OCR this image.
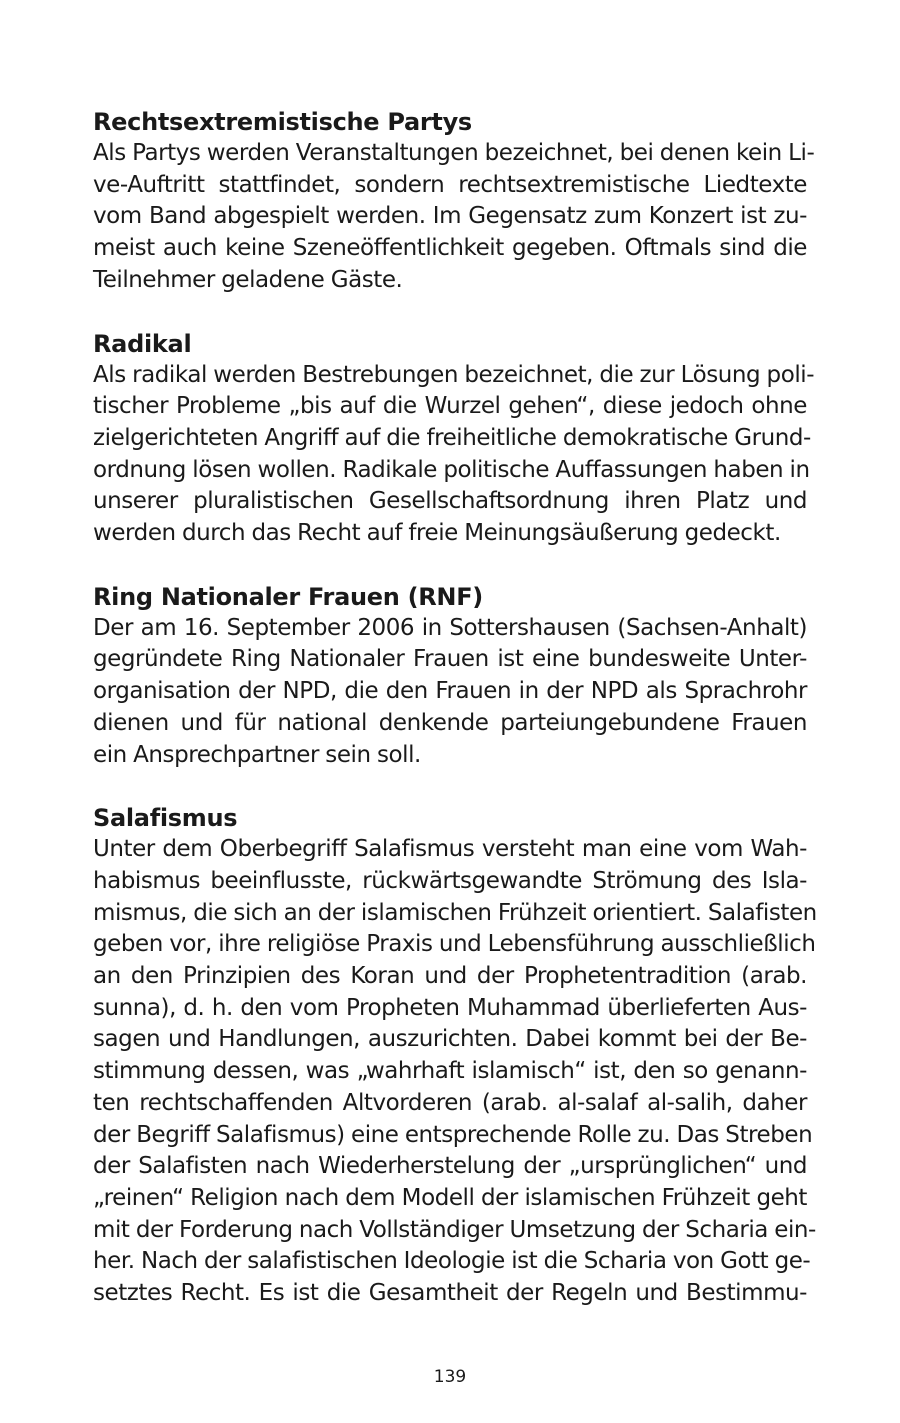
Rechtsextremistische Partys
Als Partys werden Veranstaltungen bezeichnet, bei denen kein Li-
ve-Auftritt stattfindet, sondern rechtsextremistische Liedtexte
vom Band abgespielt werden. Im Gegensatz zum Konzert ist zu-
meist auch keine Szeneöffentlichkeit gegeben. Oftmals sind die
Teilnehmer geladene Gäste.
Radikal
Als radikal werden Bestrebungen bezeichnet, die zur Lösung poli-
tischer Probleme „bis auf die Wurzel gehen“, diese jedoch ohne
zielgerichteten Angriff auf die freiheitliche demokratische Grund-
ordnung lösen wollen. Radikale politische Auffassungen haben in
unserer pluralistischen Gesellschaftsordnung ihren Platz und
werden durch das Recht auf freie Meinungsäußerung gedeckt.
Ring Nationaler Frauen (RNF)
Der am 16. September 2006 in Sottershausen (Sachsen-Anhalt)
gegründete Ring Nationaler Frauen ist eine bundesweite Unter-
organisation der NPD, die den Frauen in der NPD als Sprachrohr
dienen und für national denkende parteiungebundene Frauen
ein Ansprechpartner sein soll.
Salafismus
Unter dem Oberbegriff Salafismus versteht man eine vom Wah-
habismus beeinflusste, rückwärtsgewandte Strömung des Isla-
mismus, die sich an der islamischen Frühzeit orientiert. Salafisten
geben vor, ihre religiöse Praxis und Lebensführung ausschließlich
an den Prinzipien des Koran und der Prophetentradition (arab.
sunna), d. h. den vom Propheten Muhammad überlieferten Aus-
sagen und Handlungen, auszurichten. Dabei kommt bei der Be-
stimmung dessen, was „wahrhaft islamisch“ ist, den so genann-
ten rechtschaffenden Altvorderen (arab. al-salaf al-salih, daher
der Begriff Salafismus) eine entsprechende Rolle zu. Das Streben
der Salafisten nach Wiederherstelung der „ursprünglichen“ und
„reinen“ Religion nach dem Modell der islamischen Frühzeit geht
mit der Forderung nach Vollständiger Umsetzung der Scharia ein-
her. Nach der salafistischen Ideologie ist die Scharia von Gott ge-
setztes Recht. Es ist die Gesamtheit der Regeln und Bestimmu-
139
